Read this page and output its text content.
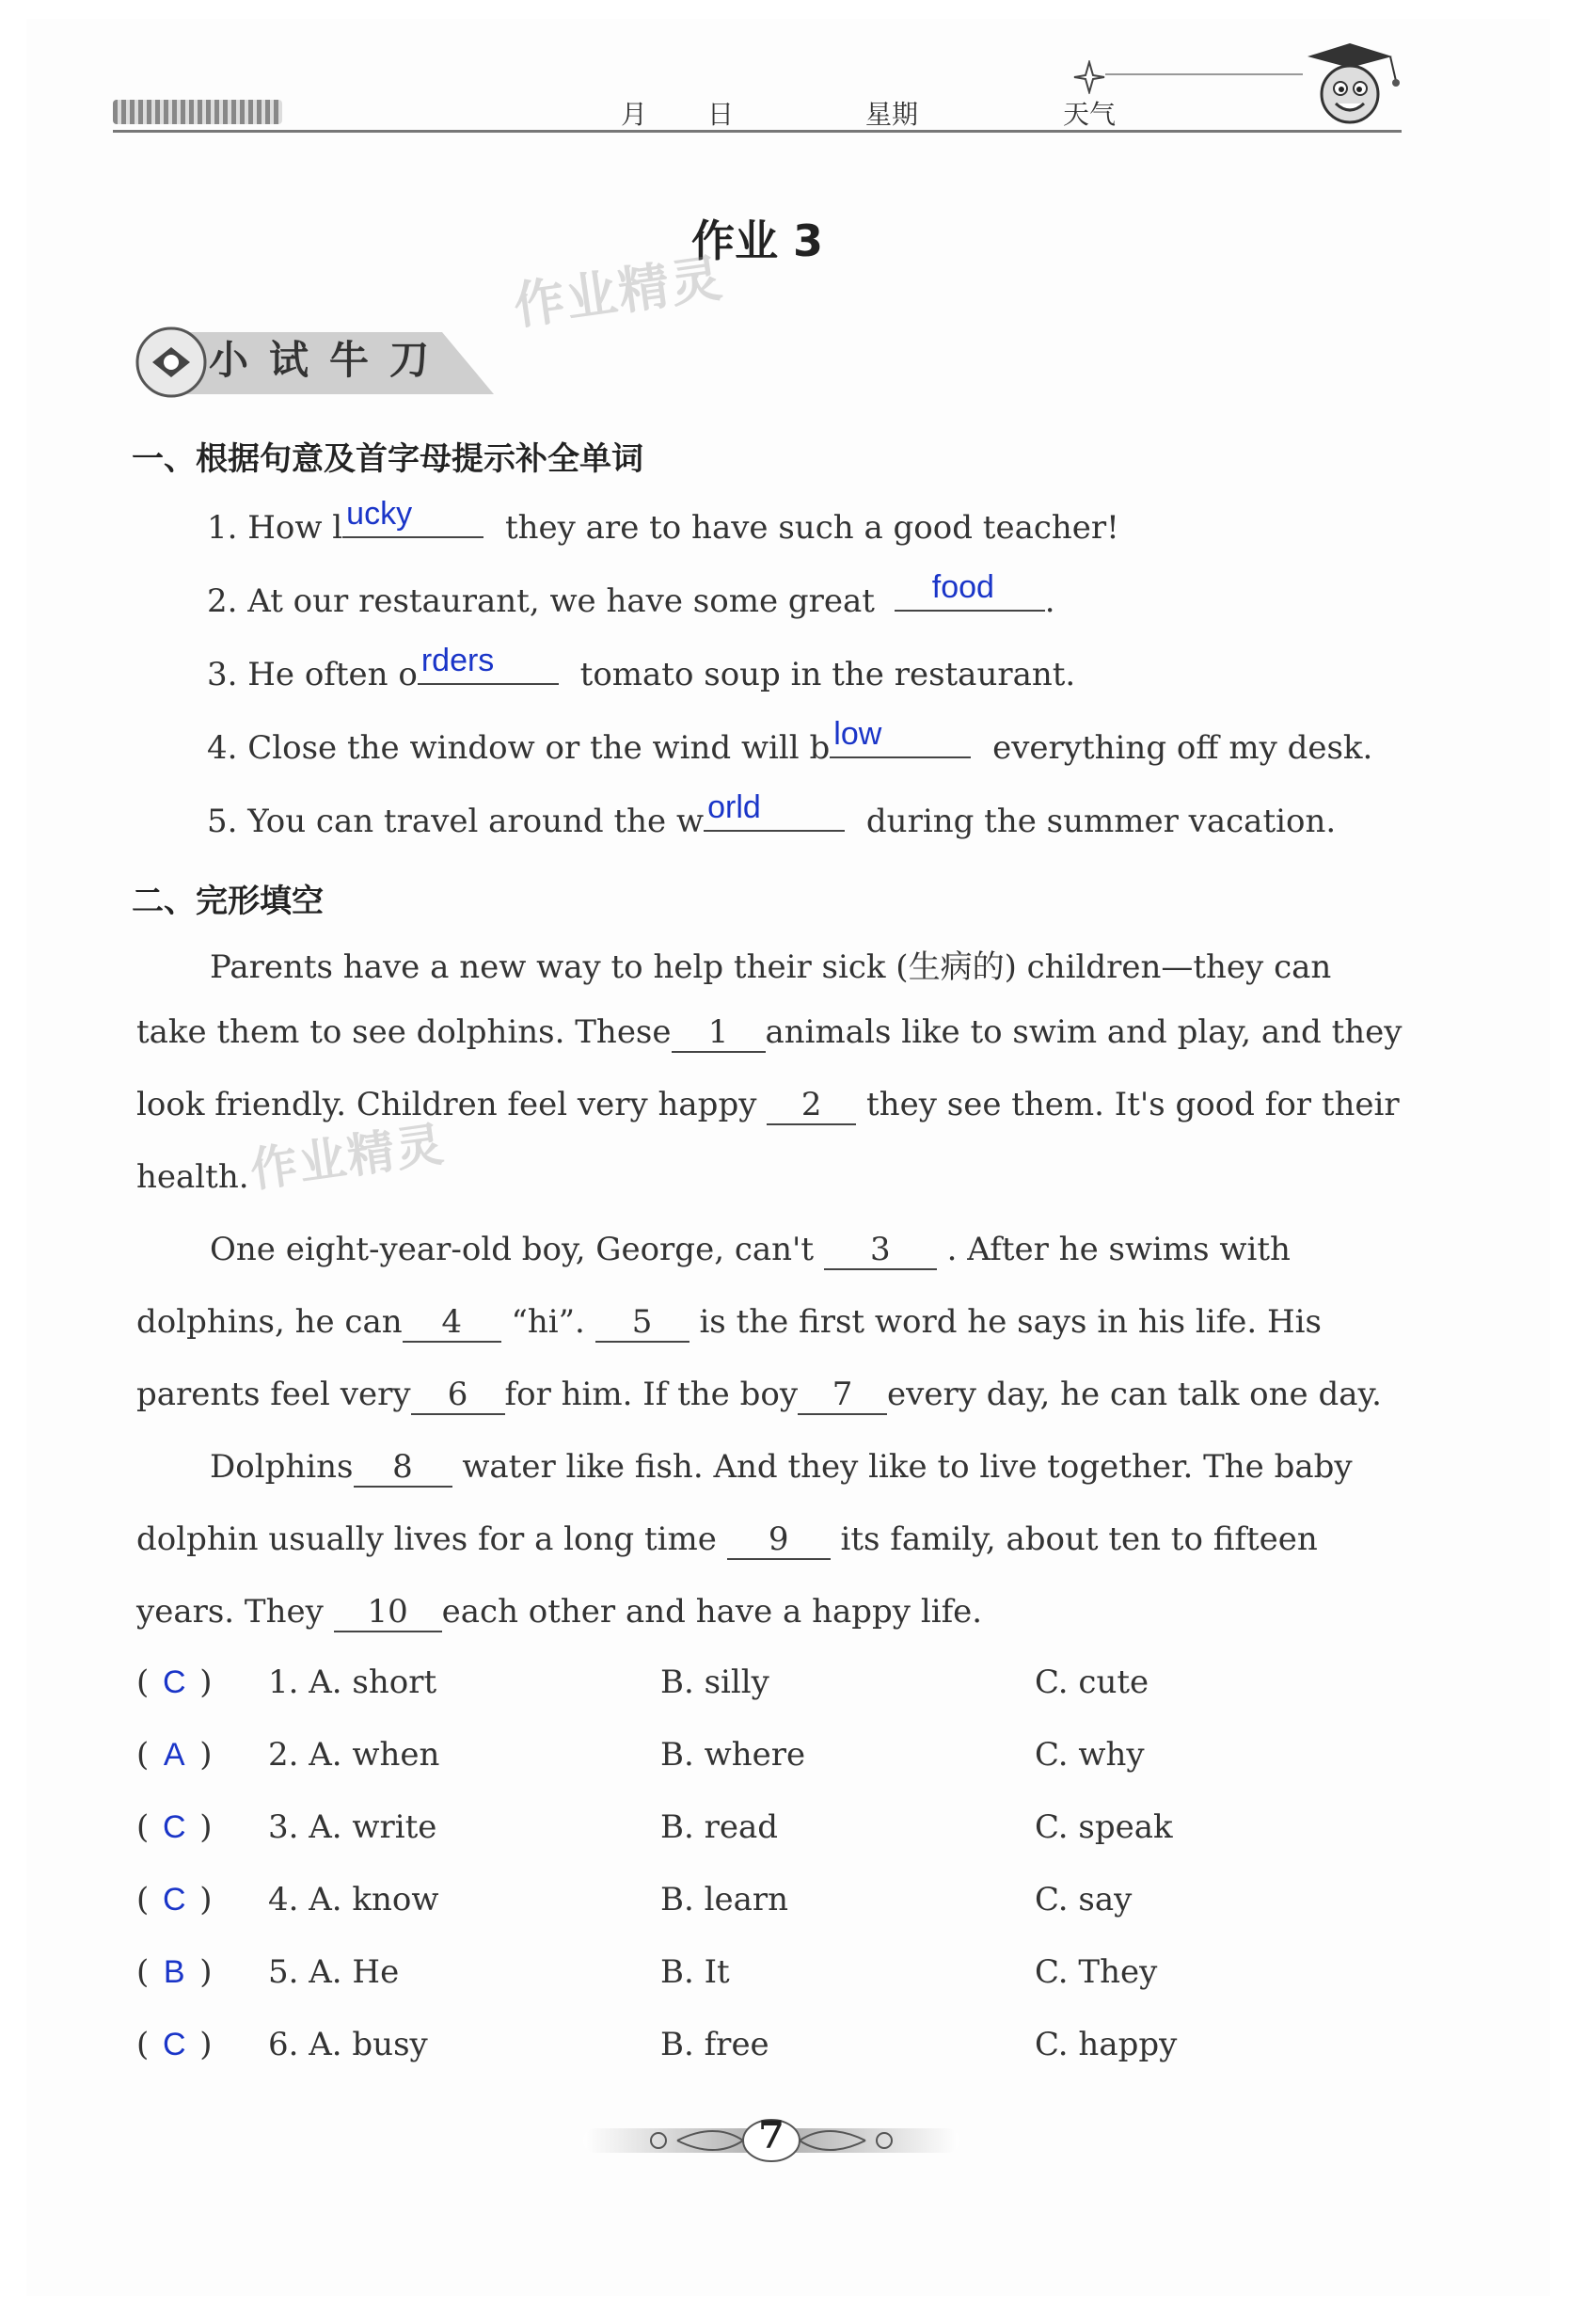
月 日	星期	天气
作业 3
作业精灵
作业精灵
小试牛刀
一、根据句意及首字母提示补全单词
1. How l ucky	they are to have such a good teacher!
2. At our restaurant, we have some great food .
3. He often o rders	tomato soup in the restaurant.
4. Close the window or the wind will b low	everything off my desk.
5. You can travel around the w orld	during the summer vacation.
二、完形填空
Parents have a new way to help their sick (生病的) children—they can
take them to see dolphins. These 1 animals like to swim and play, and they
look friendly. Children feel very happy 2 they see them. It's good for their
health.
One eight-year-old boy, George, can't 3 . After he swims with
dolphins, he can 4 “hi”. 5 is the first word he says in his life. His
parents feel very 6 for him. If the boy 7 every day, he can talk one day.
Dolphins 8 water like fish. And they like to live together. The baby
dolphin usually lives for a long time 9 its family, about ten to fifteen
years. They 10 each other and have a happy life.
( C ) 1. A. short	B. silly	C. cute
( A ) 2. A. when	B. where	C. why
( C ) 3. A. write	B. read	C. speak
( C ) 4. A. know	B. learn	C. say
( B ) 5. A. He	B. It	C. They
( C ) 6. A. busy	B. free	C. happy
7
